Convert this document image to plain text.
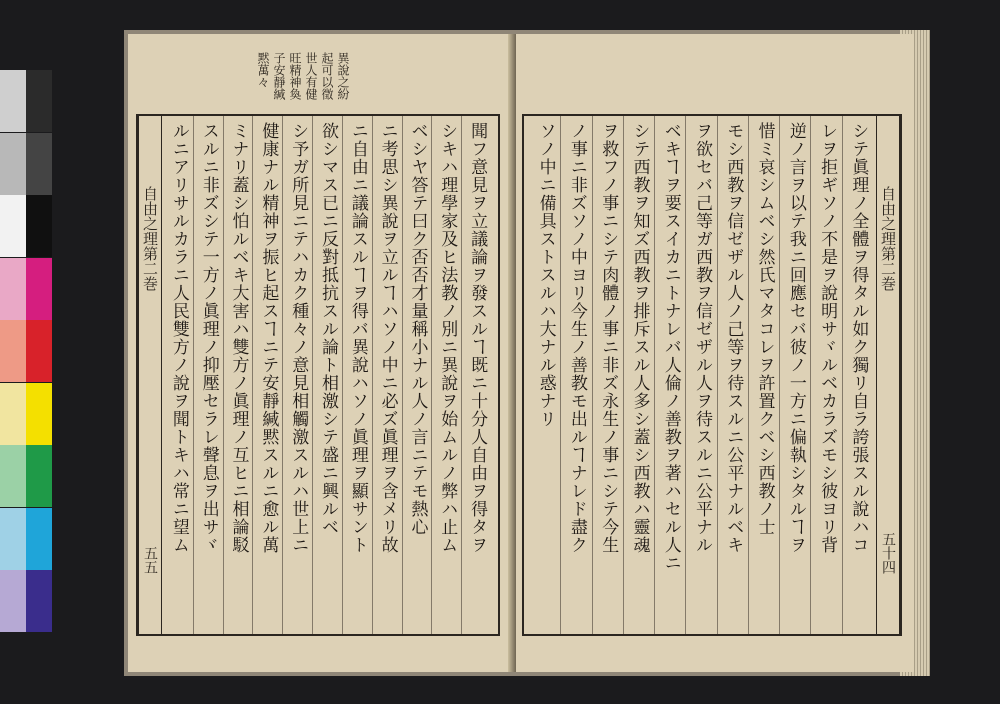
異說之紛
起可以徵
世人有健
旺精神奐
子安靜緘
黙萬々
自由之理第二巻
五五
聞フ意見ヲ立議論ヲ發スルヿ既ニ十分人自由ヲ得タヲ
シキハ理學家及ヒ法教ノ別ニ異說ヲ始ムルノ弊ハ止ム
ベシヤ答テ曰ク否否才量稱小ナル人ノ言ニテモ熱心
ニ考思シ異說ヲ立ルヿハソノ中ニ必ズ眞理ヲ含メリ故
ニ自由ニ議論スルヿヲ得バ異說ハソノ眞理ヲ顯サント
欲シマス已ニ反對抵抗スル論ト相激シテ盛ニ興ルベ
シ予ガ所見ニテハカク種々ノ意見相觸激スルハ世上ニ
健康ナル精神ヲ振ヒ起スヿニテ安靜緘黙スルニ愈ル萬
ミナリ蓋シ怕ルベキ大害ハ雙方ノ眞理ノ互ヒニ相論駁
スルニ非ズシテ一方ノ眞理ノ抑壓セラレ聲息ヲ出サヾ
ルニアリサルカラニ人民雙方ノ說ヲ聞トキハ常ニ望ム	自由之理第二巻
五十四
シテ眞理ノ全體ヲ得タル如ク獨リ自ラ誇張スル說ハコ
レヲ拒ギソノ不是ヲ說明サヾルベカラズモシ彼ヨリ背
逆ノ言ヲ以テ我ニ回應セバ彼ノ一方ニ偏執シタルヿヲ
惜ミ哀シムベシ然氏マタコレヲ許置クベシ西教ノ士
モシ西教ヲ信ゼザル人ノ己等ヲ待スルニ公平ナルベキ
ヲ欲セバ己等ガ西教ヲ信ゼザル人ヲ待スルニ公平ナル
ベキヿヲ要スイカニトナレバ人倫ノ善教ヲ著ハセル人ニ
シテ西教ヲ知ズ西教ヲ排斥スル人多シ蓋シ西教ハ靈魂
ヲ救フノ事ニシテ肉體ノ事ニ非ズ永生ノ事ニシテ今生
ノ事ニ非ズソノ中ヨリ今生ノ善教モ出ルヿナレド盡ク
ソノ中ニ備具ストスルハ大ナル惑ナリ
